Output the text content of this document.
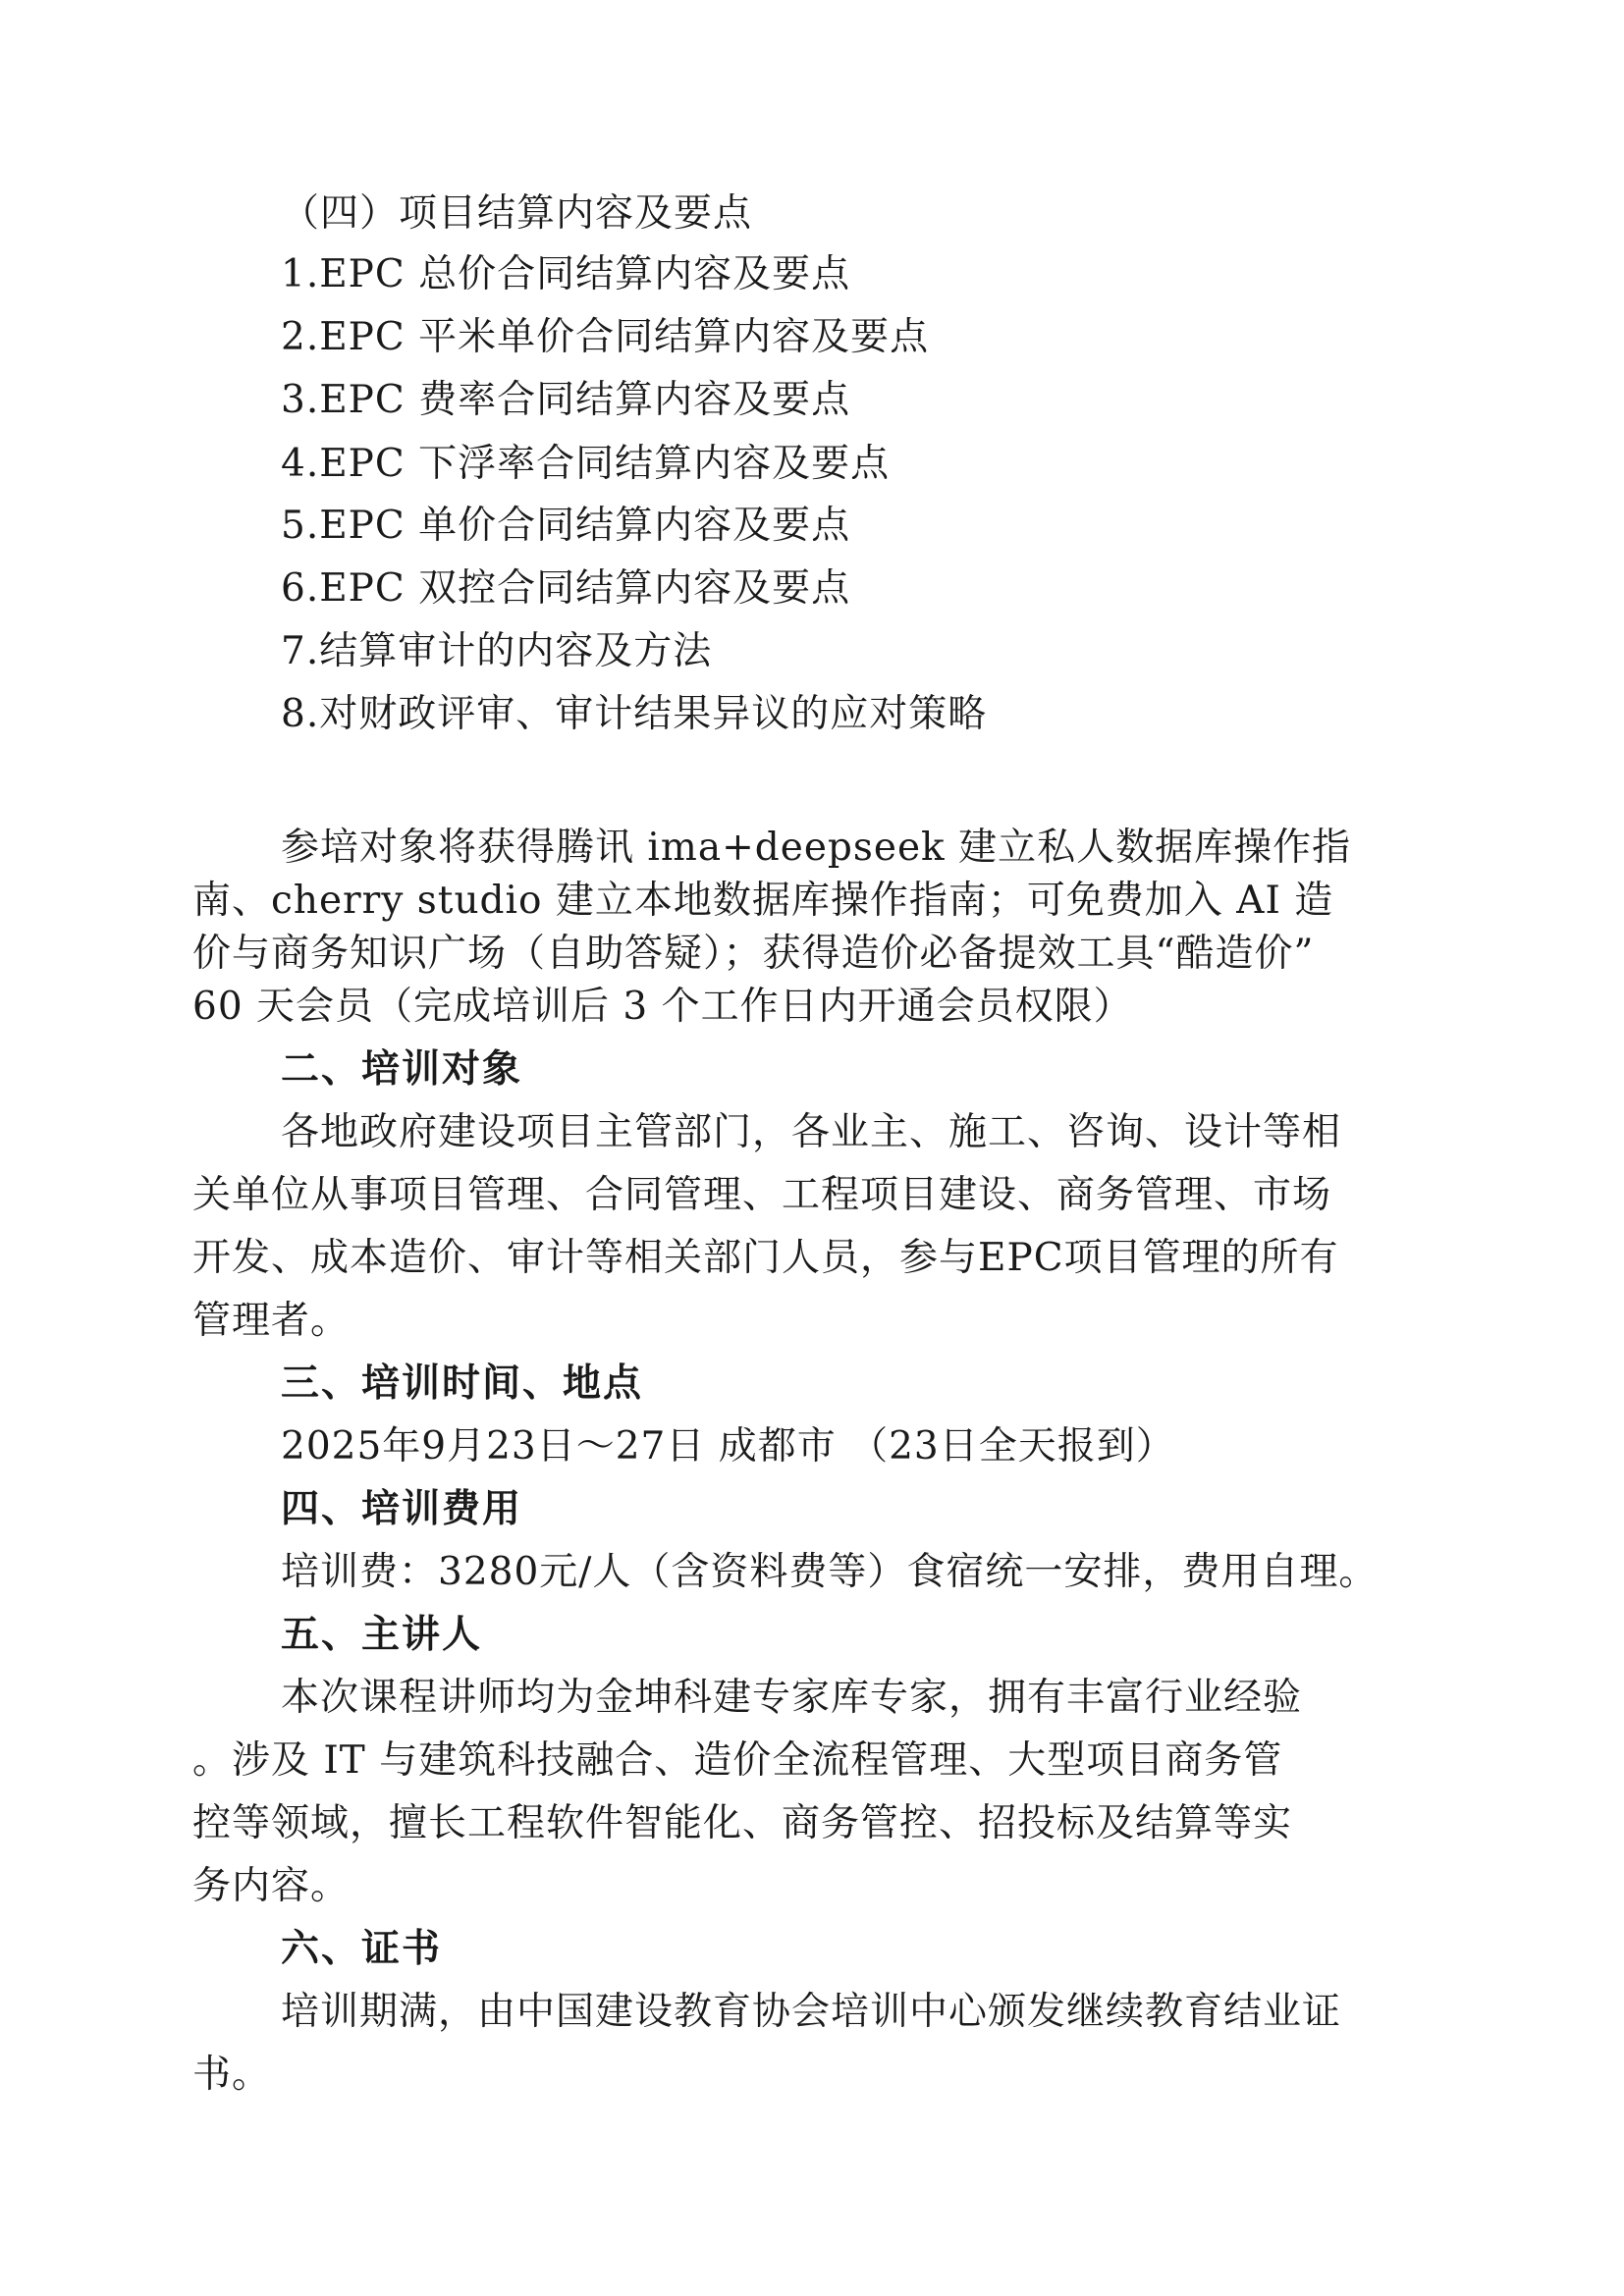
（四）项目结算内容及要点
1.EPC 总价合同结算内容及要点
2.EPC 平米单价合同结算内容及要点
3.EPC 费率合同结算内容及要点
4.EPC 下浮率合同结算内容及要点
5.EPC 单价合同结算内容及要点
6.EPC 双控合同结算内容及要点
7.结算审计的内容及方法
8.对财政评审、审计结果异议的应对策略
参培对象将获得腾讯 ima+deepseek 建立私人数据库操作指
南、cherry studio 建立本地数据库操作指南；可免费加入 AI 造
价与商务知识广场（自助答疑）；获得造价必备提效工具“酷造价”
60 天会员（完成培训后 3 个工作日内开通会员权限）
二、培训对象
各地政府建设项目主管部门，各业主、施工、咨询、设计等相
关单位从事项目管理、合同管理、工程项目建设、商务管理、市场
开发、成本造价、审计等相关部门人员，参与EPC项目管理的所有
管理者。
三、培训时间、地点
2025年9月23日～27日 成都市 （23日全天报到）
四、培训费用
培训费：3280元/人（含资料费等）食宿统一安排，费用自理。
五、主讲人
本次课程讲师均为金坤科建专家库专家，拥有丰富行业经验
。涉及 IT 与建筑科技融合、造价全流程管理、大型项目商务管
控等领域，擅长工程软件智能化、商务管控、招投标及结算等实
务内容。
六、证书
培训期满，由中国建设教育协会培训中心颁发继续教育结业证
书。
